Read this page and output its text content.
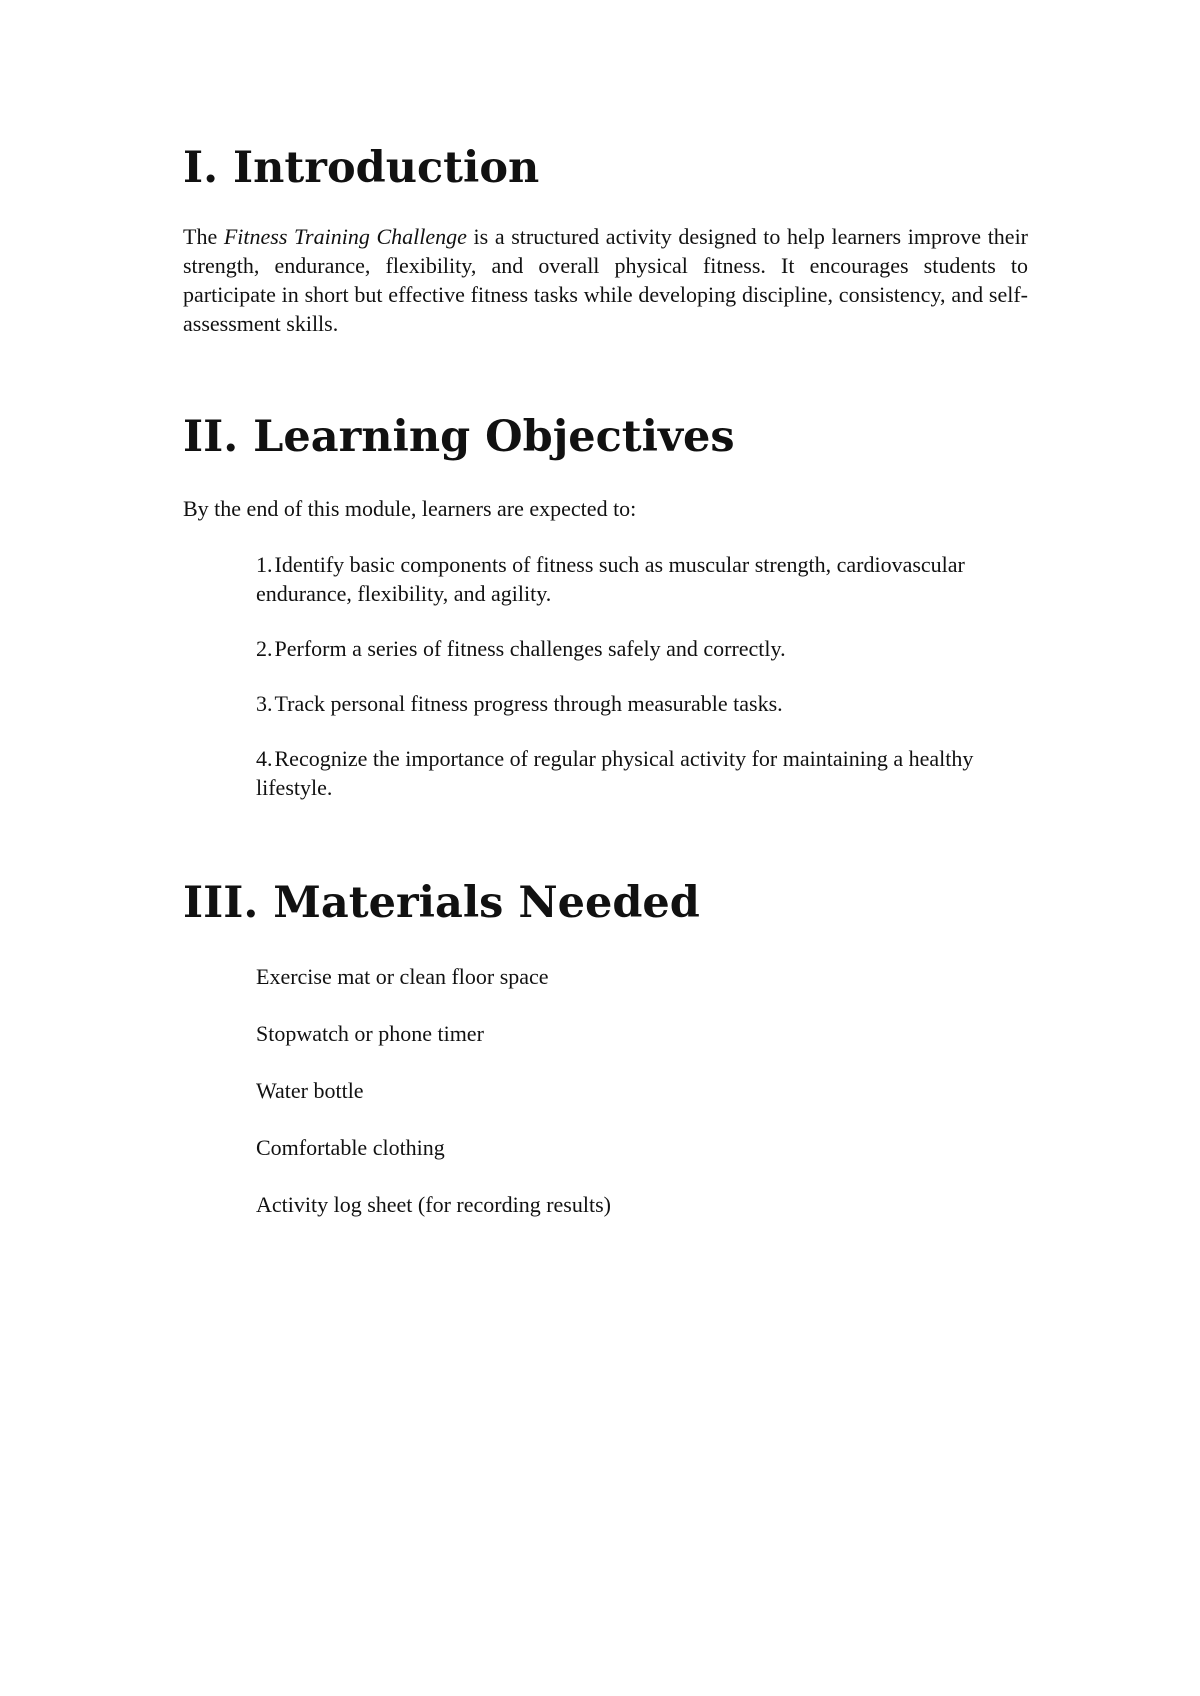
I. Introduction

The Fitness Training Challenge is a structured activity designed to help learners improve their strength, endurance, flexibility, and overall physical fitness. It encourages students to participate in short but effective fitness tasks while developing discipline, consistency, and self-assessment skills.

II. Learning Objectives

By the end of this module, learners are expected to:

1.Identify basic components of fitness such as muscular strength, cardiovascular endurance, flexibility, and agility.
2.Perform a series of fitness challenges safely and correctly.
3.Track personal fitness progress through measurable tasks.
4.Recognize the importance of regular physical activity for maintaining a healthy lifestyle.
III. Materials Needed
Exercise mat or clean floor space
Stopwatch or phone timer
Water bottle
Comfortable clothing
Activity log sheet (for recording results)
